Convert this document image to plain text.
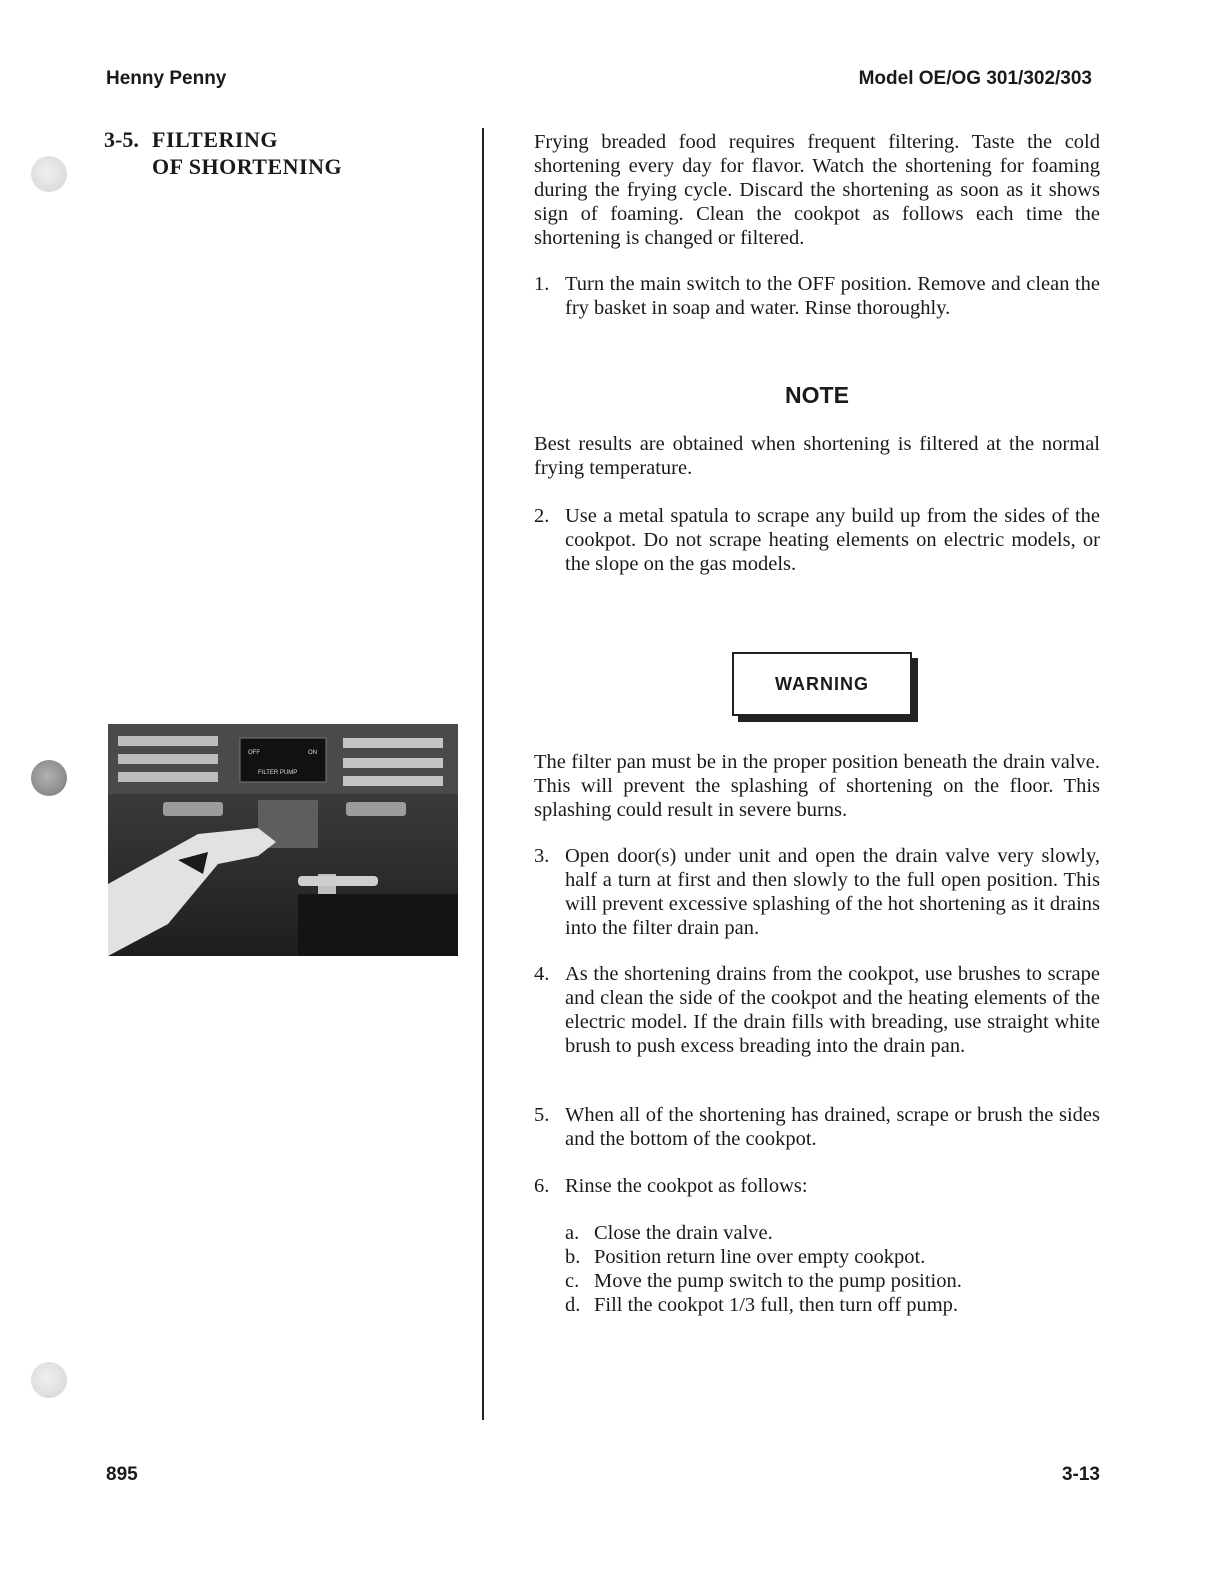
Henny Penny	Model OE/OG 301/302/303
3-5. FILTERING
OF SHORTENING
OFF	ON
FILTER PUMP

Frying breaded food requires frequent filtering. Taste the cold shortening every day for flavor. Watch the shortening for foaming during the frying cycle. Discard the shortening as soon as it shows sign of foaming. Clean the cookpot as follows each time the shortening is changed or filtered.

1. Turn the main switch to the OFF position. Remove and clean the fry basket in soap and water. Rinse thoroughly.
NOTE

Best results are obtained when shortening is filtered at the normal frying temperature.

2. Use a metal spatula to scrape any build up from the sides of the cookpot. Do not scrape heating elements on electric models, or the slope on the gas models.
WARNING

The filter pan must be in the proper position beneath the drain valve. This will prevent the splashing of shortening on the floor. This splashing could result in severe burns.

3. Open door(s) under unit and open the drain valve very slowly, half a turn at first and then slowly to the full open position. This will prevent excessive splashing of the hot shortening as it drains into the filter drain pan.
4. As the shortening drains from the cookpot, use brushes to scrape and clean the side of the cookpot and the heating elements of the electric model. If the drain fills with breading, use straight white brush to push excess breading into the drain pan.
5. When all of the shortening has drained, scrape or brush the sides and the bottom of the cookpot.
6. Rinse the cookpot as follows:
a. Close the drain valve.
b. Position return line over empty cookpot.
c. Move the pump switch to the pump position.
d. Fill the cookpot 1/3 full, then turn off pump.
895	3-13
